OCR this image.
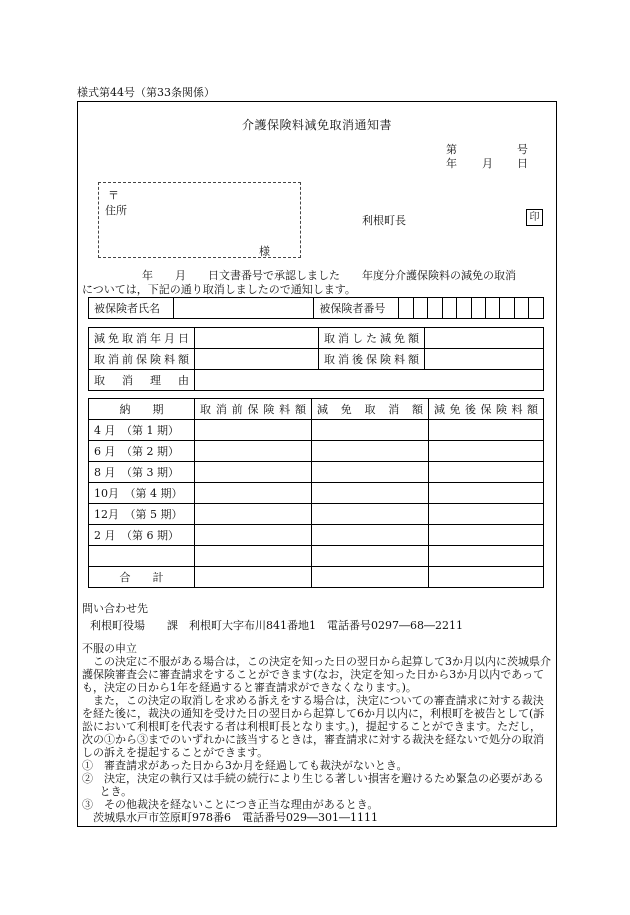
様式第44号（第33条関係）
介護保険料減免取消通知書
第	号
年 月 日
〒
住所
様
利根町長	印
年　　月　　日文書番号で承認しました　　年度分介護保険料の減免の取消
については，下記の通り取消しましたので通知します。
被保険者氏名		被保険者番号										
減免取消年月日		取消した減免額	

取消前保険料額		取消後保険料額	

取消理由			

納　　期	取消前保険料額	減免取消額	減免後保険料額

4 月　（第 1 期）			
6 月　（第 2 期）			
8 月　（第 3 期）			
10月　（第 4 期）			
12月　（第 5 期）			
2 月　（第 6 期）			

合　　計			
問い合わせ先
利根町役場　　課　利根町大字布川841番地1　電話番号0297―68―2211

不服の申立

この決定に不服がある場合は，この決定を知った日の翌日から起算して3か月以内に茨城県介護保険審査会に審査請求をすることができます(なお，決定を知った日から3か月以内であっても，決定の日から1年を経過すると審査請求ができなくなります。)。

また，この決定の取消しを求める訴えをする場合は，決定についての審査請求に対する裁決を経た後に，裁決の通知を受けた日の翌日から起算して6か月以内に，利根町を被告として(訴訟において利根町を代表する者は利根町長となります。)，提起することができます。ただし，次の①から③までのいずれかに該当するときは，審査請求に対する裁決を経ないで処分の取消しの訴えを提起することができます。

①　審査請求があった日から3か月を経過しても裁決がないとき。

②　決定，決定の執行又は手続の続行により生じる著しい損害を避けるため緊急の必要があるとき。

③　その他裁決を経ないことにつき正当な理由があるとき。

茨城県水戸市笠原町978番6　電話番号029―301―1111
